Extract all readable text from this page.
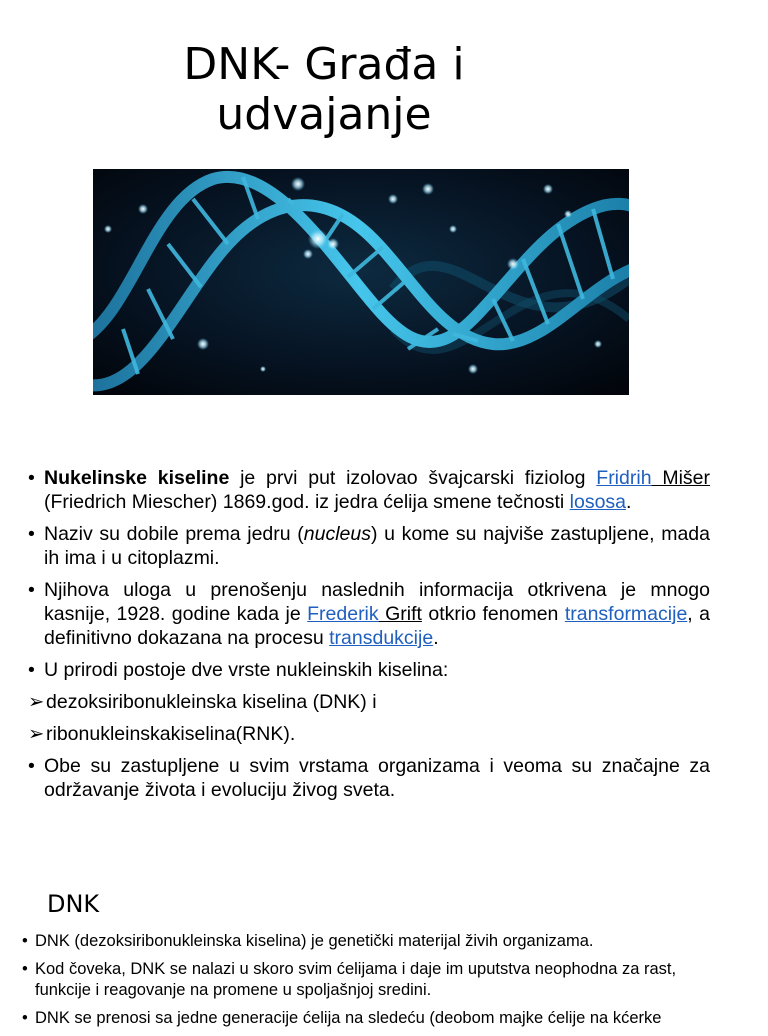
DNK- Građa i
udvajanje
• Nukelinske kiseline je prvi put izolovao švajcarski fiziolog Fridrih Mišer (Friedrich Miescher) 1869.god. iz jedra ćelija smene tečnosti lososa.
• Naziv su dobile prema jedru (nucleus) u kome su najviše zastupljene, mada ih ima i u citoplazmi.
• Njihova uloga u prenošenju naslednih informacija otkrivena je mnogo kasnije, 1928. godine kada je Frederik Grift otkrio fenomen transformacije, a definitivno dokazana na procesu transdukcije.
• U prirodi postoje dve vrste nukleinskih kiselina:
➢ dezoksiribonukleinska kiselina (DNK) i
➢ ribonukleinskakiselina(RNK).
• Obe su zastupljene u svim vrstama organizama i veoma su značajne za održavanje života i evoluciju živog sveta.
DNK
• DNK (dezoksiribonukleinska kiselina) je genetički materijal živih organizama.
• Kod čoveka, DNK se nalazi u skoro svim ćelijama i daje im uputstva neophodna za rast, funkcije i reagovanje na promene u spoljašnjoj sredini.
• DNK se prenosi sa jedne generacije ćelija na sledeću (deobom majke ćelije na kćerke
